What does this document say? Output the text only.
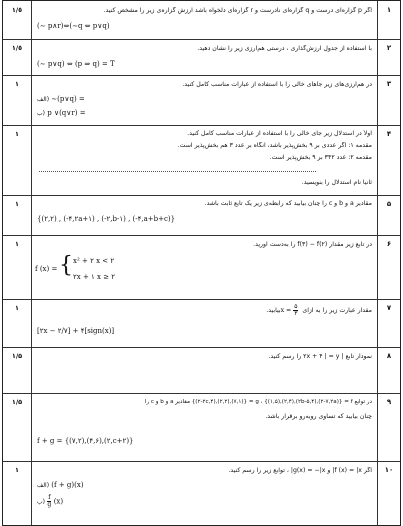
١
١/٥	اگر p گزاره‌ای درست و q گزاره‌ای نادرست و r گزاره‌ای دلخواه باشد ارزش گزاره‌ی زیر را مشخص کنید.
(∼ p∧r)⇔(∼q ⇔ p∨q)
٢
١/٥	با استفاده از جدول ارزش‌گذاری ، درستی هم‌ارزی زیر را نشان دهید.
(∼ p∨q) ⇔ (p ⇒ q) = T
٣
١	در هم‌ارزی‌های زیر جاهای خالی را با استفاده از عبارات مناسب کامل کنید.
الف) ∼(p∨q) =
ب) p ∨(q∨r) =
۴
١	اولاً در استدلال زیر جای خالی را با استفاده از عبارات مناسب کامل کنید.
مقدمه ١: اگر عددی بر ٩ بخش‌پذیر باشد، آنگاه بر عدد ٣ هم بخش‌پذیر است.
مقدمه ٢: عدد ٣۴٢ بر ٩ بخش‌پذیر است.
ثانیاً نام استدلال را بنویسید.
۵
١	مقادیر a و b و c را چنان بیابید که رابطه‌ی زیر یک تابع ثابت باشد.
{(٢,٢) , (-۴,٢a+١) , (-٢,b-١) , (-۴,a+b+c)}
۶
١	در تابع زیر مقدار (٢)f − (٣)f را به‌دست آورید.
f (x) = { x² + ٢ x < ٢
٢x + ١ x ≥ ٢
٧
١	مقدار عبارت زیر را به ازای $x = \frac{۵}{٣}$
بیابید.
[٢x − ٢/٧] + ۴[sign(x)]
٨
١/۵	نمودار تابع | ٢x + ۴ | = y را رسم کنید.
٩
١/۵	در توابع f = {(٧,٢a-٢),(۴,٢b-۵),(۴,٢),(۵,١)} ، g = {(٧,١),(٢,٢),(۴,٢c-٢)} مقادیر a و b و c را
چنان بیابید که تساوی روبه‌رو برقرار باشد.
f + g = {(٧,٢),(۴,۶),(٢,c+٢)}
١٠
١	اگر f (x) = |x| و g(x) = −|x| ، توابع زیر را رسم کنید.
الف) (f + g)(x)
ب) $\frac{f}{g} (x)$
